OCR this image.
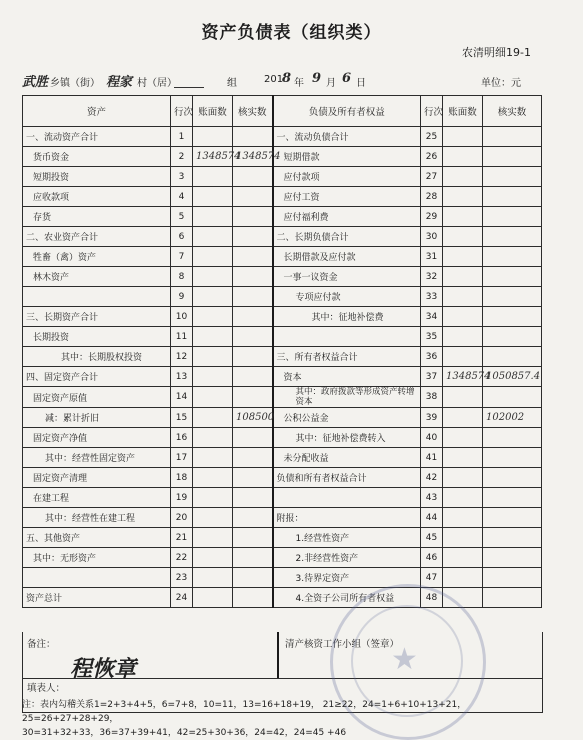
资产负债表（组织类）
农清明细19-1
武胜 乡镇（街） 程家 村（居）	组	201
8 年 9 月 6 日	单位：元
资产	行次	账面数	核实数	负债及所有者权益	行次	账面数	核实数
一、流动资产合计	1			一、流动负债合计	25		
货币资金	2	1348574	1348574	短期借款	26		
短期投资	3			应付款项	27		
应收款项	4			应付工资	28		
存货	5			应付福利费	29		
二、农业资产合计	6			二、长期负债合计	30		
牲畜（禽）资产	7			长期借款及应付款	31		
林木资产	8			一事一议资金	32		
	9			专项应付款	33		
三、长期资产合计	10			其中：征地补偿费	34		
长期投资	11				35		
其中：长期股权投资	12			三、所有者权益合计	36		
四、固定资产合计	13			资本	37	1348574	1050857.4
固定资产原值	14			其中：政府拨款等形成资产转增资本	38		
减：累计折旧	15		108500	公积公益金	39		102002
固定资产净值	16			其中：征地补偿费转入	40		
其中：经营性固定资产	17			未分配收益	41		
固定资产清理	18			负债和所有者权益合计	42		
在建工程	19				43		
其中：经营性在建工程	20			附报：	44		
五、其他资产	21			1.经营性资产	45		
其中：无形资产	22			2.非经营性资产	46		
	23			3.待界定资产	47		
资产总计	24			4.全资子公司所有者权益	48		
备注：	清产核资工作小组（签章）
填表人：
程恢章	★
注：表内勾稽关系1=2+3+4+5，6=7+8，10=11，13=16+18+19， 21≥22，24=1+6+10+13+21，25=26+27+28+29，
30=31+32+33，36=37+39+41，42=25+30+36，24=42，24=45 +46
